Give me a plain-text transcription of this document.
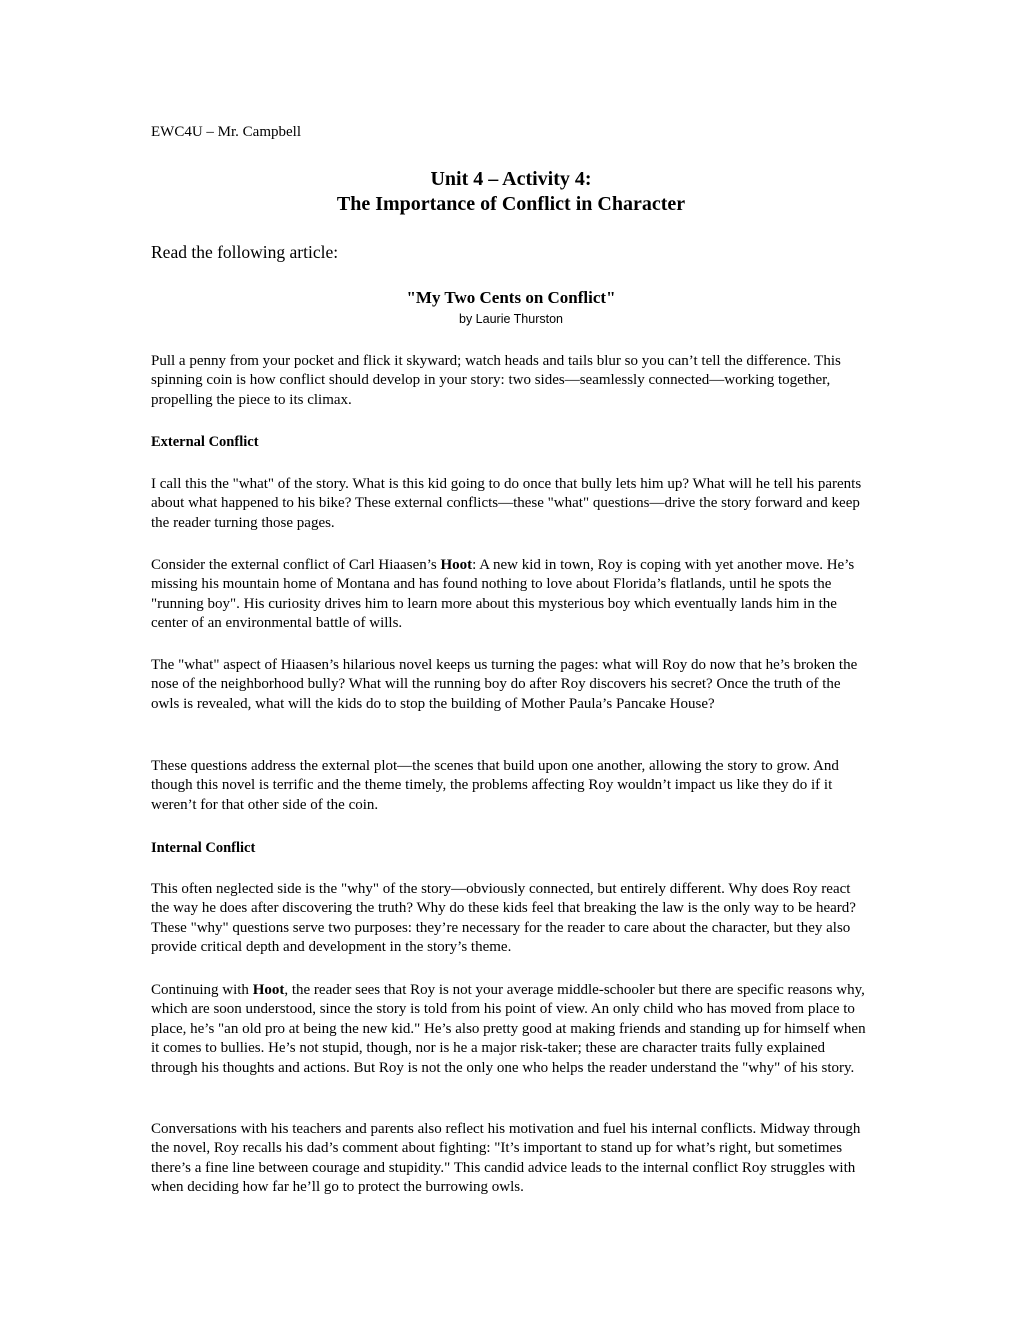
EWC4U – Mr. Campbell

Unit 4 – Activity 4:
The Importance of Conflict in Character

Read the following article:

"My Two Cents on Conflict"

by Laurie Thurston

Pull a penny from your pocket and flick it skyward; watch heads and tails blur so you can’t tell the difference. This spinning coin is how conflict should develop in your story: two sides—seamlessly connected—working together, propelling the piece to its climax.

External Conflict

I call this the "what" of the story. What is this kid going to do once that bully lets him up? What will he tell his parents about what happened to his bike? These external conflicts—these "what" questions—drive the story forward and keep the reader turning those pages.

Consider the external conflict of Carl Hiaasen’s Hoot: A new kid in town, Roy is coping with yet another move. He’s missing his mountain home of Montana and has found nothing to love about Florida’s flatlands, until he spots the "running boy". His curiosity drives him to learn more about this mysterious boy which eventually lands him in the center of an environmental battle of wills.

The "what" aspect of Hiaasen’s hilarious novel keeps us turning the pages: what will Roy do now that he’s broken the nose of the neighborhood bully? What will the running boy do after Roy discovers his secret? Once the truth of the owls is revealed, what will the kids do to stop the building of Mother Paula’s Pancake House?

These questions address the external plot—the scenes that build upon one another, allowing the story to grow. And though this novel is terrific and the theme timely, the problems affecting Roy wouldn’t impact us like they do if it weren’t for that other side of the coin.

Internal Conflict

This often neglected side is the "why" of the story—obviously connected, but entirely different. Why does Roy react the way he does after discovering the truth? Why do these kids feel that breaking the law is the only way to be heard? These "why" questions serve two purposes: they’re necessary for the reader to care about the character, but they also provide critical depth and development in the story’s theme.

Continuing with Hoot, the reader sees that Roy is not your average middle-schooler but there are specific reasons why, which are soon understood, since the story is told from his point of view. An only child who has moved from place to place, he’s "an old pro at being the new kid." He’s also pretty good at making friends and standing up for himself when it comes to bullies. He’s not stupid, though, nor is he a major risk-taker; these are character traits fully explained through his thoughts and actions. But Roy is not the only one who helps the reader understand the "why" of his story.

Conversations with his teachers and parents also reflect his motivation and fuel his internal conflicts. Midway through the novel, Roy recalls his dad’s comment about fighting: "It’s important to stand up for what’s right, but sometimes there’s a fine line between courage and stupidity." This candid advice leads to the internal conflict Roy struggles with when deciding how far he’ll go to protect the burrowing owls.
